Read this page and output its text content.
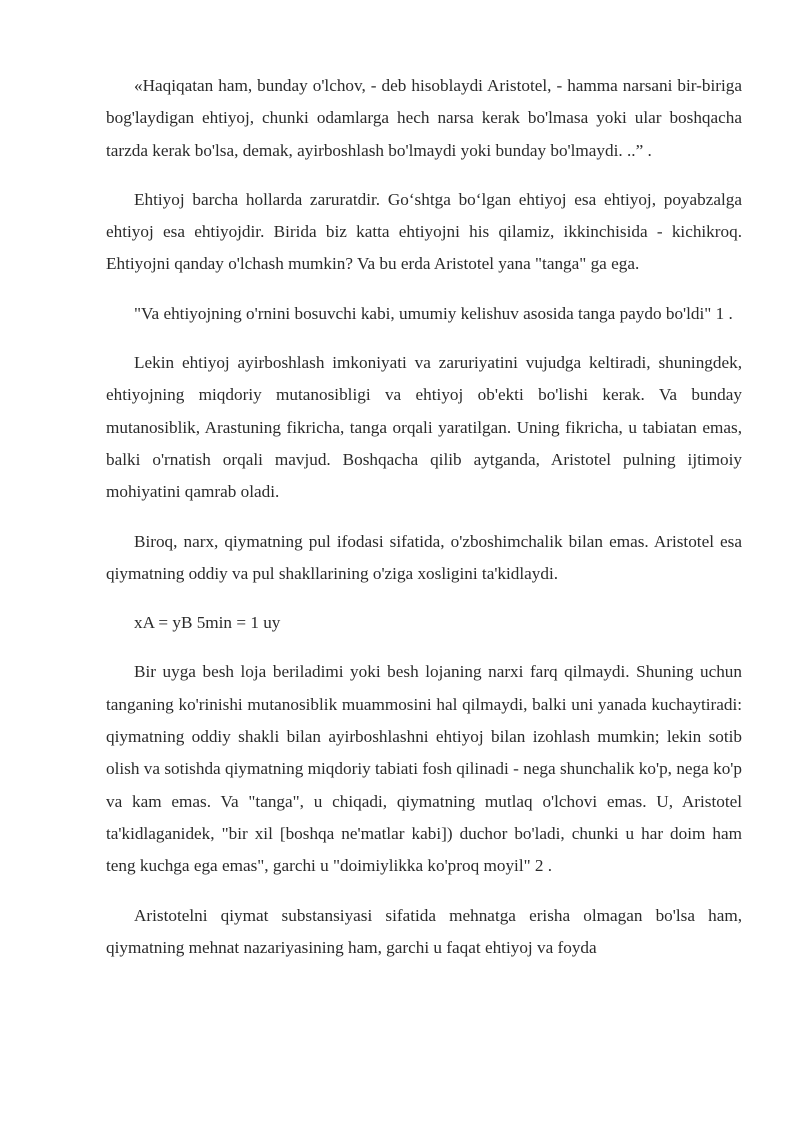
«Haqiqatan ham, bunday o'lchov, - deb hisoblaydi Aristotel, - hamma narsani bir-biriga bog'laydigan ehtiyoj, chunki odamlarga hech narsa kerak bo'lmasa yoki ular boshqacha tarzda kerak bo'lsa, demak, ayirboshlash bo'lmaydi yoki bunday bo'lmaydi. ..” .

Ehtiyoj barcha hollarda zaruratdir. Go‘shtga bo‘lgan ehtiyoj esa ehtiyoj, poyabzalga ehtiyoj esa ehtiyojdir. Birida biz katta ehtiyojni his qilamiz, ikkinchisida - kichikroq. Ehtiyojni qanday o'lchash mumkin? Va bu erda Aristotel yana "tanga" ga ega.

"Va ehtiyojning o'rnini bosuvchi kabi, umumiy kelishuv asosida tanga paydo bo'ldi" 1 .

Lekin ehtiyoj ayirboshlash imkoniyati va zaruriyatini vujudga keltiradi, shuningdek, ehtiyojning miqdoriy mutanosibligi va ehtiyoj ob'ekti bo'lishi kerak. Va bunday mutanosiblik, Arastuning fikricha, tanga orqali yaratilgan. Uning fikricha, u tabiatan emas, balki o'rnatish orqali mavjud. Boshqacha qilib aytganda, Aristotel pulning ijtimoiy mohiyatini qamrab oladi.

Biroq, narx, qiymatning pul ifodasi sifatida, o'zboshimchalik bilan emas. Aristotel esa qiymatning oddiy va pul shakllarining o'ziga xosligini ta'kidlaydi.

xA = yB 5min = 1 uy

Bir uyga besh loja beriladimi yoki besh lojaning narxi farq qilmaydi. Shuning uchun tanganing ko'rinishi mutanosiblik muammosini hal qilmaydi, balki uni yanada kuchaytiradi: qiymatning oddiy shakli bilan ayirboshlashni ehtiyoj bilan izohlash mumkin; lekin sotib olish va sotishda qiymatning miqdoriy tabiati fosh qilinadi - nega shunchalik ko'p, nega ko'p va kam emas. Va "tanga", u chiqadi, qiymatning mutlaq o'lchovi emas. U, Aristotel ta'kidlaganidek, "bir xil [boshqa ne'matlar kabi]) duchor bo'ladi, chunki u har doim ham teng kuchga ega emas", garchi u "doimiylikka ko'proq moyil" 2 .

Aristotelni qiymat substansiyasi sifatida mehnatga erisha olmagan bo'lsa ham, qiymatning mehnat nazariyasining ham, garchi u faqat ehtiyoj va foyda
